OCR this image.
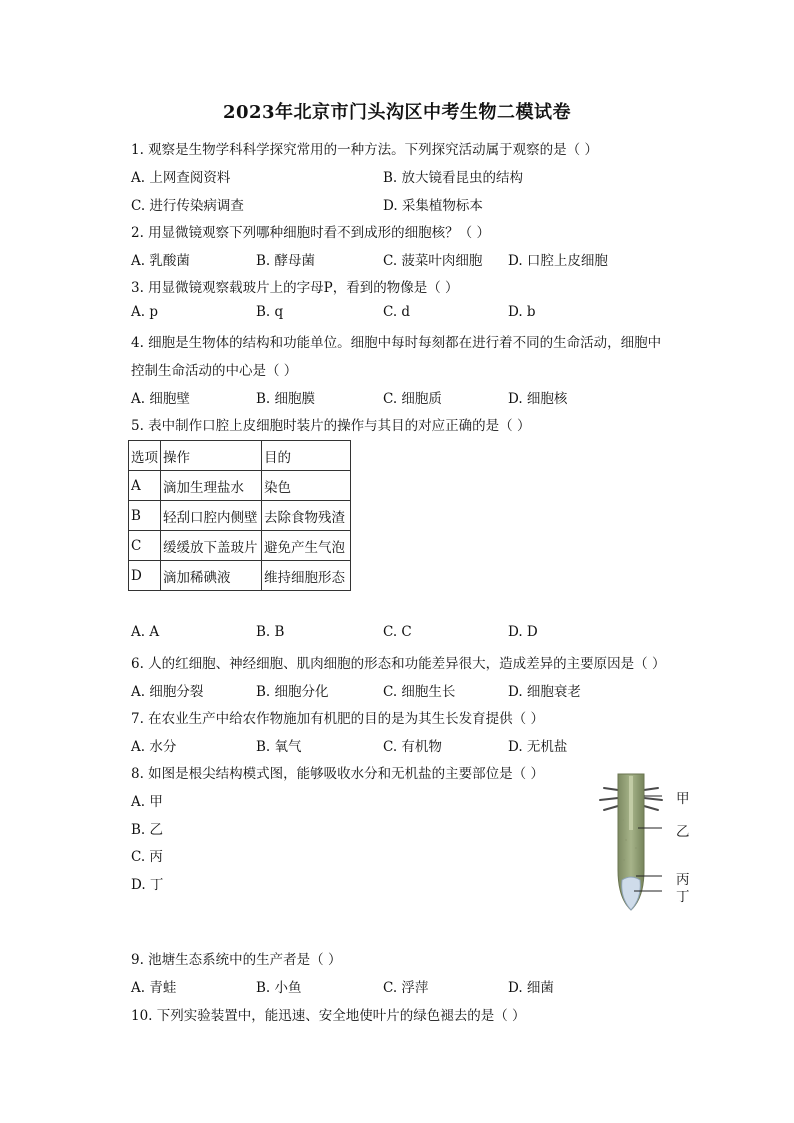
2023年北京市门头沟区中考生物二模试卷
1. 观察是生物学科科学探究常用的一种方法。下列探究活动属于观察的是（ ）
A. 上网查阅资料	B. 放大镜看昆虫的结构
C. 进行传染病调查	D. 采集植物标本
2. 用显微镜观察下列哪种细胞时看不到成形的细胞核？（ ）
A. 乳酸菌	B. 酵母菌	C. 菠菜叶肉细胞 D. 口腔上皮细胞
3. 用显微镜观察载玻片上的字母P，看到的物像是（ ）
A. p	B. q	C. d	D. b
4. 细胞是生物体的结构和功能单位。细胞中每时每刻都在进行着不同的生命活动，细胞中
控制生命活动的中心是（ ）
A. 细胞壁	B. 细胞膜	C. 细胞质	D. 细胞核
5. 表中制作口腔上皮细胞时装片的操作与其目的对应正确的是（ ）
选项	操作	目的
A	滴加生理盐水	染色
B	轻刮口腔内侧壁	去除食物残渣
C	缓缓放下盖玻片	避免产生气泡
D	滴加稀碘液	维持细胞形态
A. A	B. B	C. C	D. D
6. 人的红细胞、神经细胞、肌肉细胞的形态和功能差异很大，造成差异的主要原因是（ ）
A. 细胞分裂	B. 细胞分化	C. 细胞生长	D. 细胞衰老
7. 在农业生产中给农作物施加有机肥的目的是为其生长发育提供（ ）
A. 水分	B. 氧气	C. 有机物	D. 无机盐
8. 如图是根尖结构模式图，能够吸收水分和无机盐的主要部位是（ ）
A. 甲
B. 乙
C. 丙
D. 丁
甲
乙
丙
丁
9. 池塘生态系统中的生产者是（ ）
A. 青蛙	B. 小鱼	C. 浮萍	D. 细菌
10. 下列实验装置中，能迅速、安全地使叶片的绿色褪去的是（ ）
